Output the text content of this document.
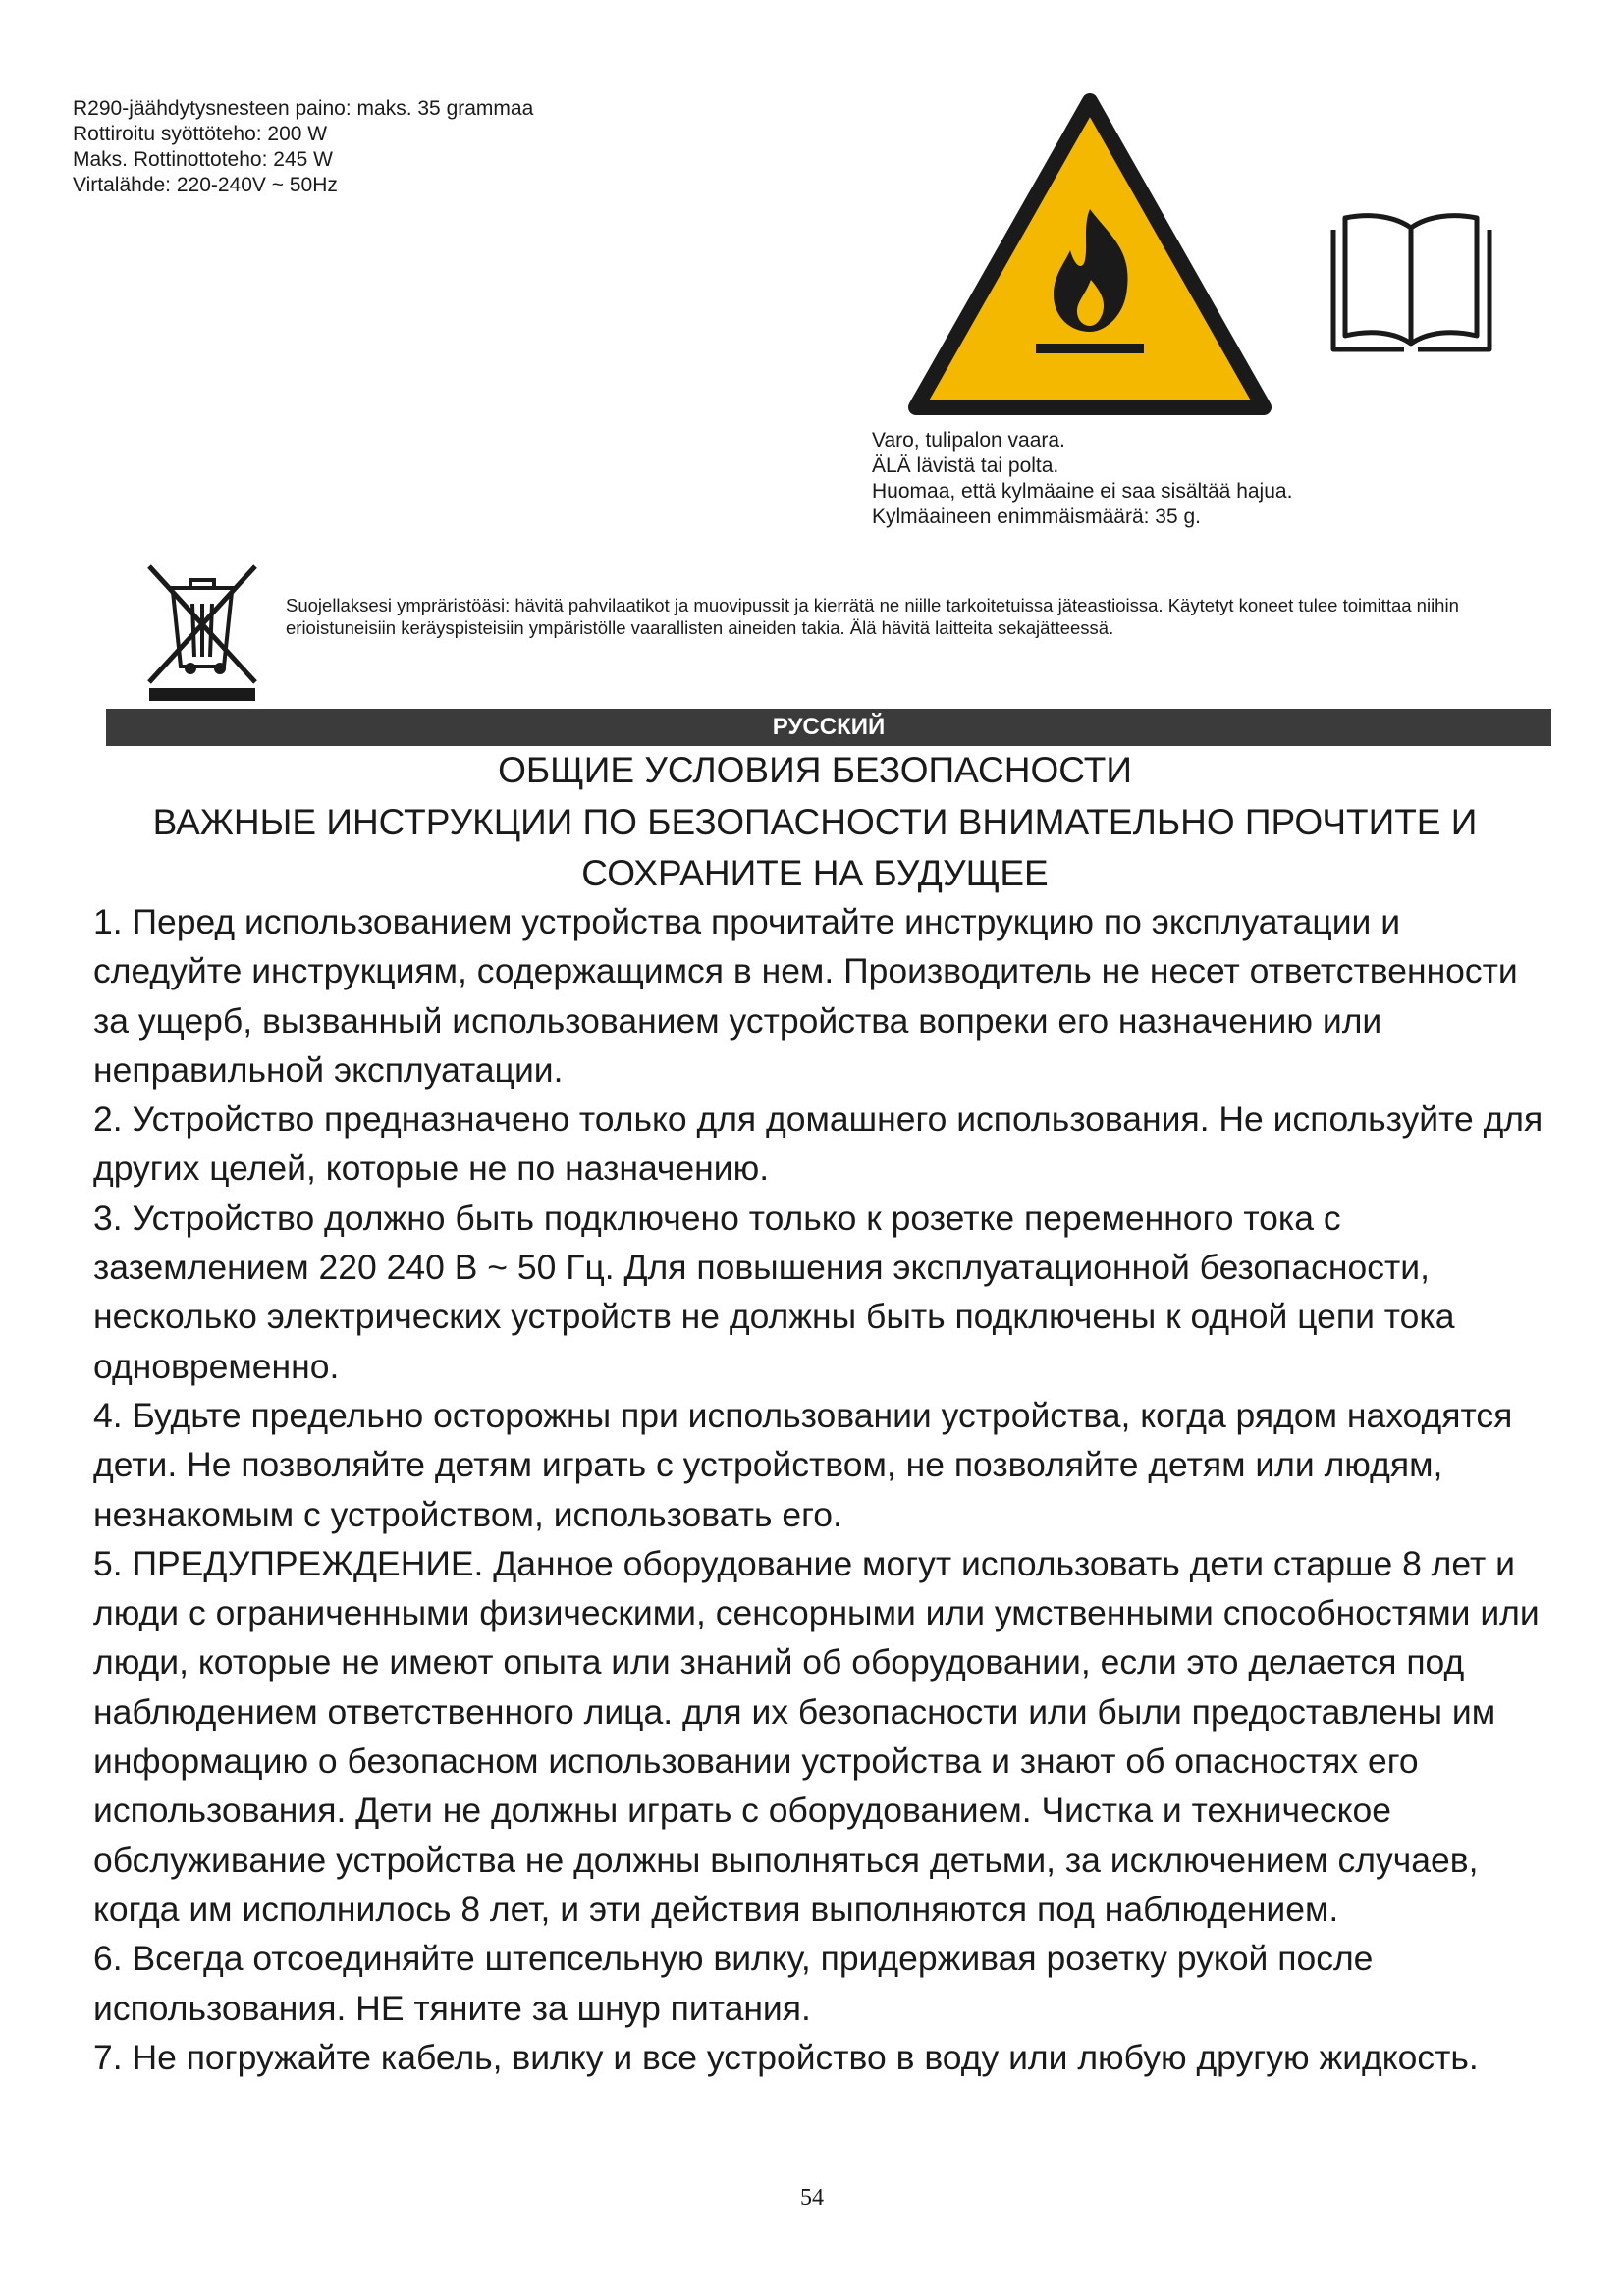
R290-jäähdytysnesteen paino: maks. 35 grammaa
Rottiroitu syöttöteho: 200 W
Maks. Rottinottoteho: 245 W
Virtalähde: 220-240V ~ 50Hz
Varo, tulipalon vaara.
ÄLÄ lävistä tai polta.
Huomaa, että kylmäaine ei saa sisältää hajua.
Kylmäaineen enimmäismäärä: 35 g.
Suojellaksesi ympräristöäsi: hävitä pahvilaatikot ja muovipussit ja kierrätä ne niille tarkoitetuissa jäteastioissa. Käytetyt koneet tulee toimittaa niihin erioistuneisiin keräyspisteisiin ympäristölle vaarallisten aineiden takia. Älä hävitä laitteita sekajätteessä.
РУССКИЙ
ОБЩИЕ УСЛОВИЯ БЕЗОПАСНОСТИ
ВАЖНЫЕ ИНСТРУКЦИИ ПО БЕЗОПАСНОСТИ ВНИМАТЕЛЬНО ПРОЧТИТЕ И СОХРАНИТЕ НА БУДУЩЕЕ

1. Перед использованием устройства прочитайте инструкцию по эксплуатации и следуйте инструкциям, содержащимся в нем. Производитель не несет ответственности за ущерб, вызванный использованием устройства вопреки его назначению или неправильной эксплуатации.

2. Устройство предназначено только для домашнего использования. Не используйте для других целей, которые не по назначению.

3. Устройство должно быть подключено только к розетке переменного тока с заземлением 220 240 В ~ 50 Гц. Для повышения эксплуатационной безопасности, несколько электрических устройств не должны быть подключены к одной цепи тока одновременно.

4. Будьте предельно осторожны при использовании устройства, когда рядом находятся дети. Не позволяйте детям играть с устройством, не позволяйте детям или людям, незнакомым с устройством, использовать его.

5. ПРЕДУПРЕЖДЕНИЕ. Данное оборудование могут использовать дети старше 8 лет и люди с ограниченными физическими, сенсорными или умственными способностями или люди, которые не имеют опыта или знаний об оборудовании, если это делается под наблюдением ответственного лица. для их безопасности или были предоставлены им информацию о безопасном использовании устройства и знают об опасностях его использования. Дети не должны играть с оборудованием. Чистка и техническое обслуживание устройства не должны выполняться детьми, за исключением случаев, когда им исполнилось 8 лет, и эти действия выполняются под наблюдением.

6. Всегда отсоединяйте штепсельную вилку, придерживая розетку рукой после использования. НЕ тяните за шнур питания.

7. Не погружайте кабель, вилку и все устройство в воду или любую другую жидкость.

54
